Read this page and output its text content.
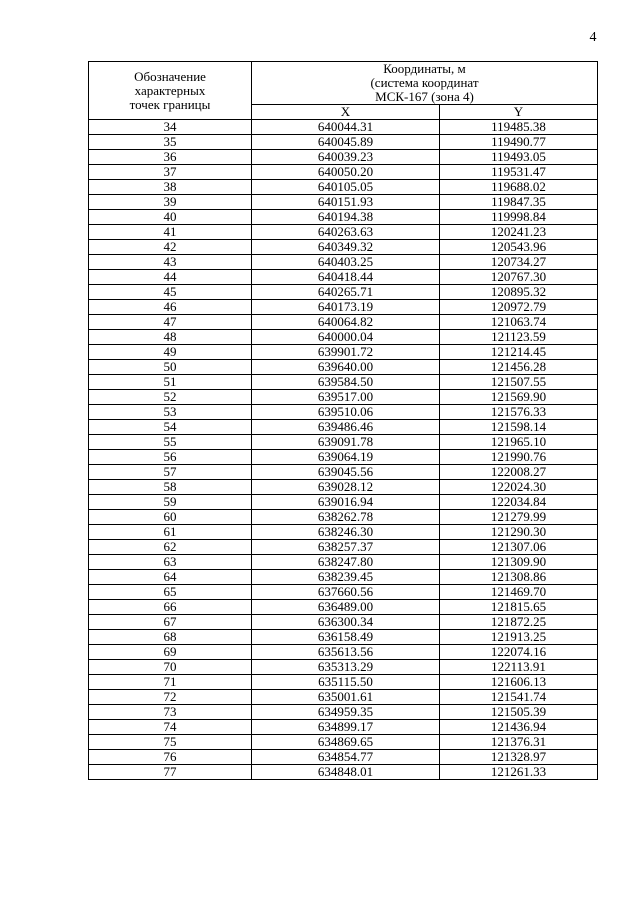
4
Обозначение
характерных
точек границы	Координаты, м
(система координат
МСК-167 (зона 4)	

	X	Y
34	640044.31	119485.38
35	640045.89	119490.77
36	640039.23	119493.05
37	640050.20	119531.47
38	640105.05	119688.02
39	640151.93	119847.35
40	640194.38	119998.84
41	640263.63	120241.23
42	640349.32	120543.96
43	640403.25	120734.27
44	640418.44	120767.30
45	640265.71	120895.32
46	640173.19	120972.79
47	640064.82	121063.74
48	640000.04	121123.59
49	639901.72	121214.45
50	639640.00	121456.28
51	639584.50	121507.55
52	639517.00	121569.90
53	639510.06	121576.33
54	639486.46	121598.14
55	639091.78	121965.10
56	639064.19	121990.76
57	639045.56	122008.27
58	639028.12	122024.30
59	639016.94	122034.84
60	638262.78	121279.99
61	638246.30	121290.30
62	638257.37	121307.06
63	638247.80	121309.90
64	638239.45	121308.86
65	637660.56	121469.70
66	636489.00	121815.65
67	636300.34	121872.25
68	636158.49	121913.25
69	635613.56	122074.16
70	635313.29	122113.91
71	635115.50	121606.13
72	635001.61	121541.74
73	634959.35	121505.39
74	634899.17	121436.94
75	634869.65	121376.31
76	634854.77	121328.97
77	634848.01	121261.33
